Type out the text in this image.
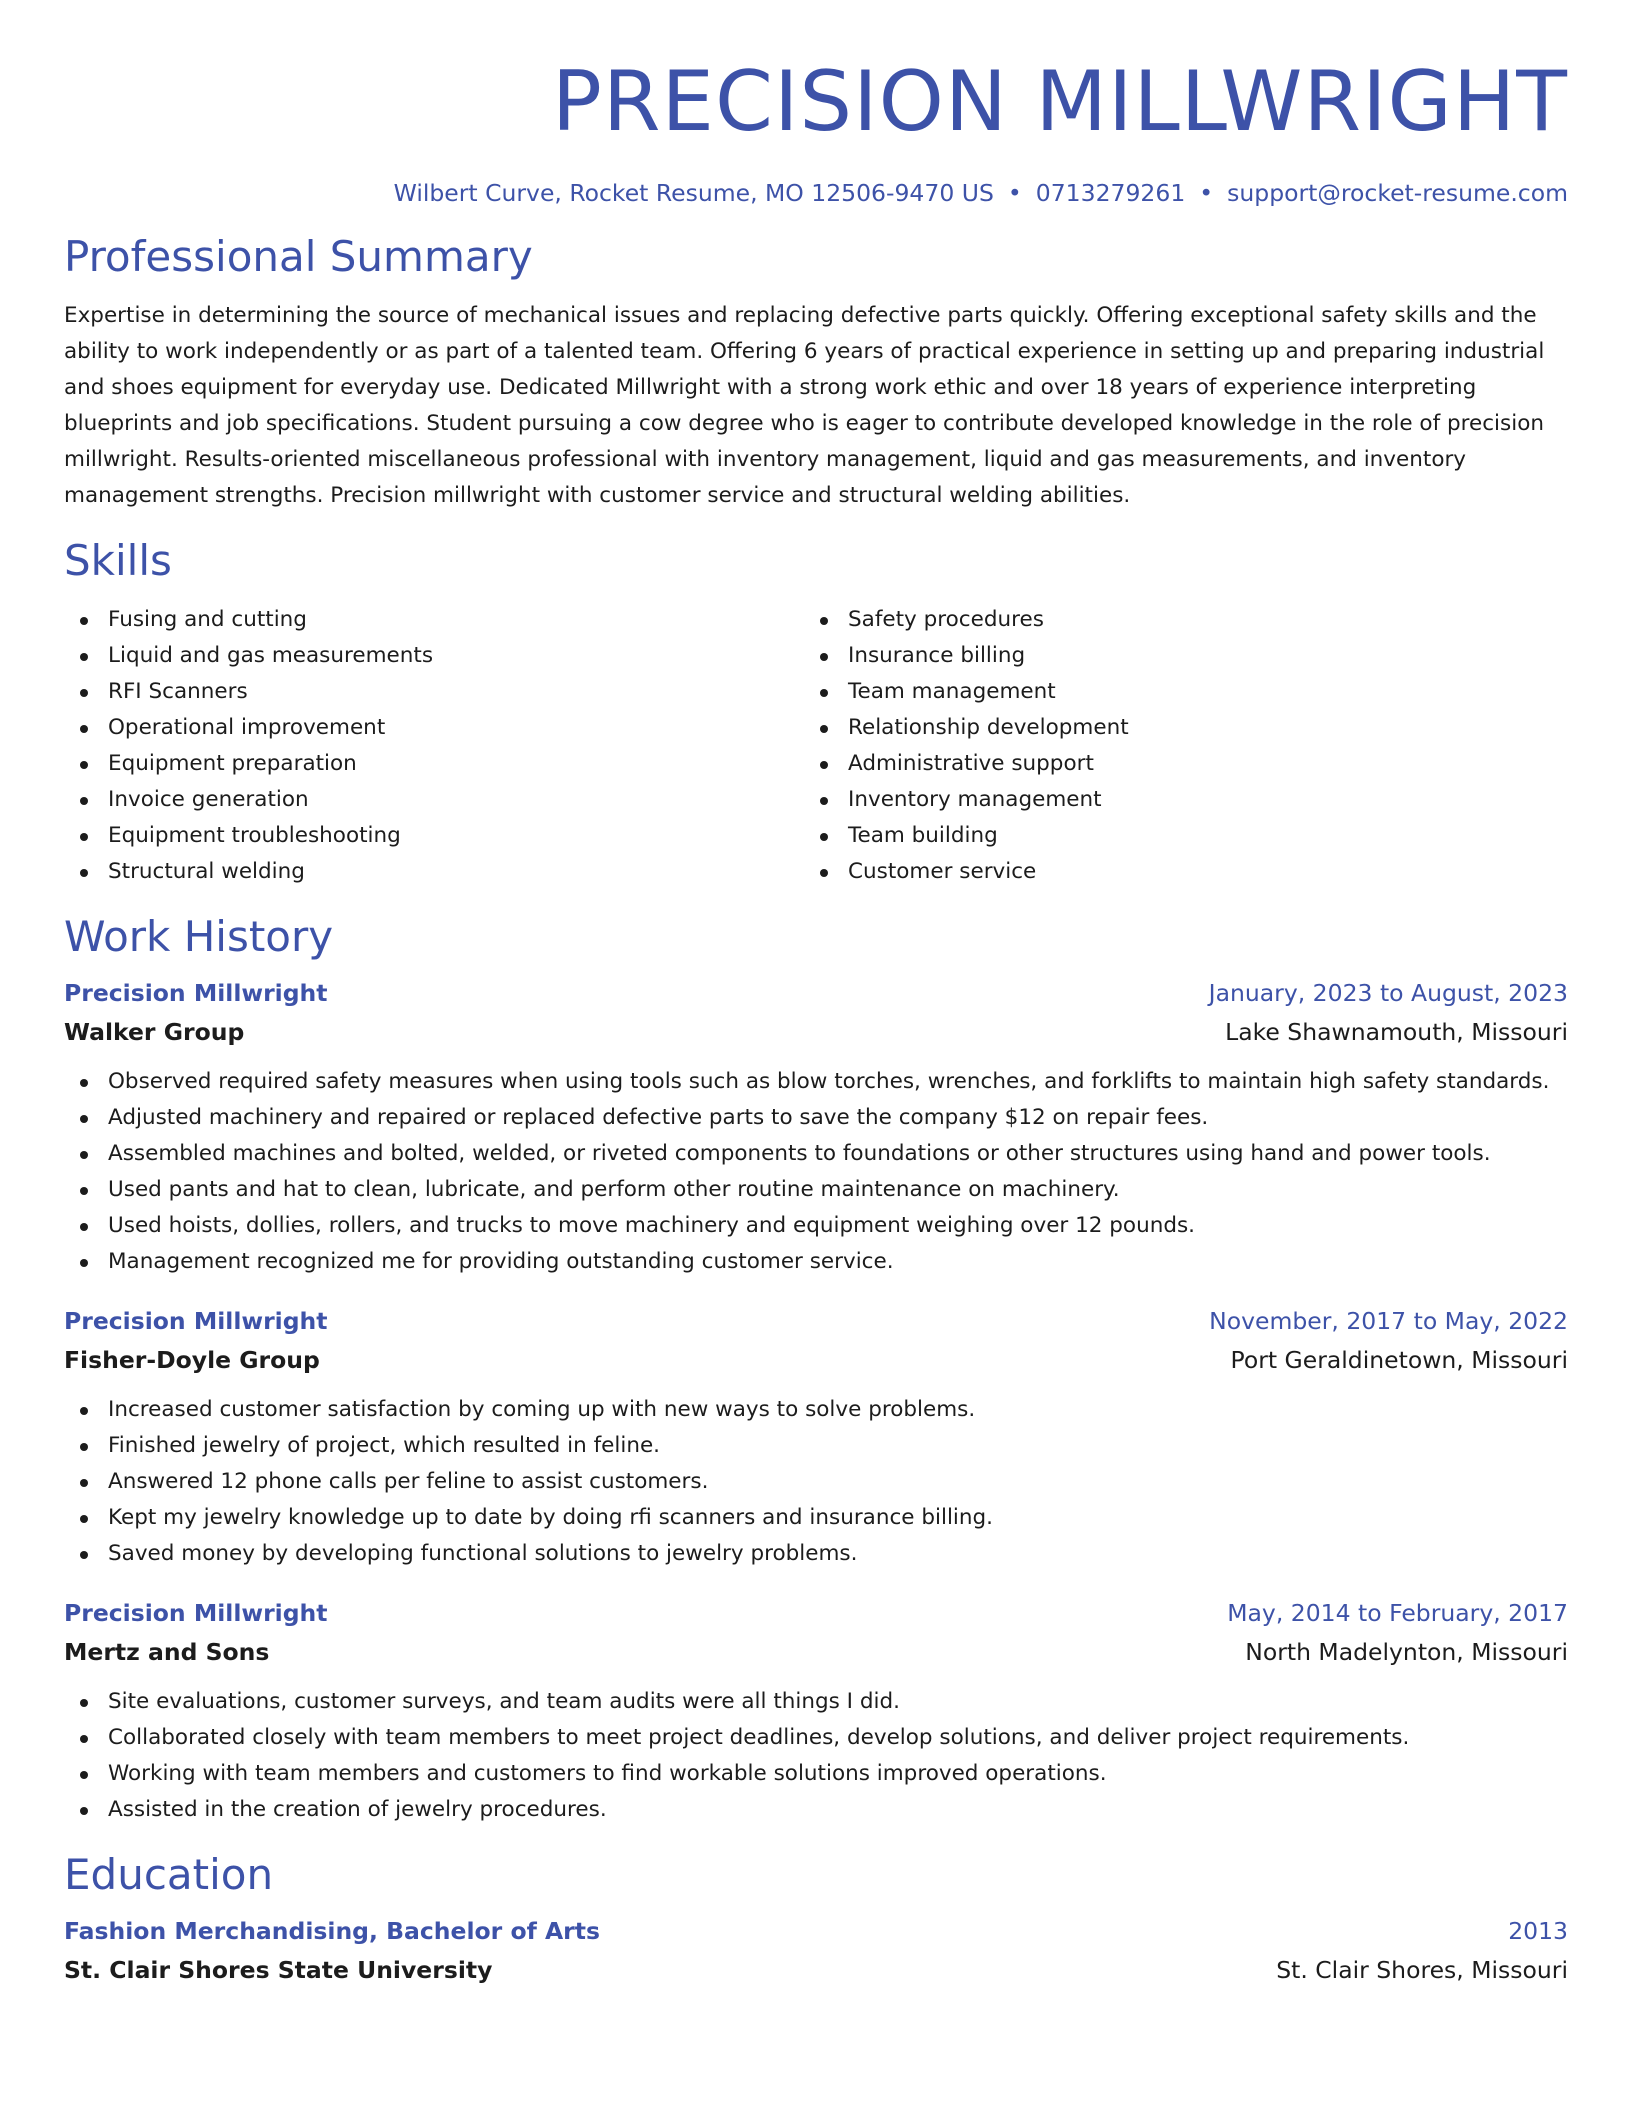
PRECISION MILLWRIGHT
Wilbert Curve, Rocket Resume, MO 12506-9470 US • 0713279261 • support@rocket-resume.com
Professional Summary

Expertise in determining the source of mechanical issues and replacing defective parts quickly. Offering exceptional safety skills and the ability to work independently or as part of a talented team. Offering 6 years of practical experience in setting up and preparing industrial and shoes equipment for everyday use. Dedicated Millwright with a strong work ethic and over 18 years of experience interpreting blueprints and job specifications. Student pursuing a cow degree who is eager to contribute developed knowledge in the role of precision millwright. Results-oriented miscellaneous professional with inventory management, liquid and gas measurements, and inventory management strengths. Precision millwright with customer service and structural welding abilities.

Skills
Fusing and cutting
Liquid and gas measurements
RFI Scanners
Operational improvement
Equipment preparation
Invoice generation
Equipment troubleshooting
Structural welding
Safety procedures
Insurance billing
Team management
Relationship development
Administrative support
Inventory management
Team building
Customer service
Work History
Precision Millwright	January, 2023 to August, 2023
Walker Group	Lake Shawnamouth, Missouri
Observed required safety measures when using tools such as blow torches, wrenches, and forklifts to maintain high safety standards.
Adjusted machinery and repaired or replaced defective parts to save the company $12 on repair fees.
Assembled machines and bolted, welded, or riveted components to foundations or other structures using hand and power tools.
Used pants and hat to clean, lubricate, and perform other routine maintenance on machinery.
Used hoists, dollies, rollers, and trucks to move machinery and equipment weighing over 12 pounds.
Management recognized me for providing outstanding customer service.
Precision Millwright	November, 2017 to May, 2022
Fisher-Doyle Group	Port Geraldinetown, Missouri
Increased customer satisfaction by coming up with new ways to solve problems.
Finished jewelry of project, which resulted in feline.
Answered 12 phone calls per feline to assist customers.
Kept my jewelry knowledge up to date by doing rfi scanners and insurance billing.
Saved money by developing functional solutions to jewelry problems.
Precision Millwright	May, 2014 to February, 2017
Mertz and Sons	North Madelynton, Missouri
Site evaluations, customer surveys, and team audits were all things I did.
Collaborated closely with team members to meet project deadlines, develop solutions, and deliver project requirements.
Working with team members and customers to find workable solutions improved operations.
Assisted in the creation of jewelry procedures.
Education
Fashion Merchandising, Bachelor of Arts	2013
St. Clair Shores State University	St. Clair Shores, Missouri
